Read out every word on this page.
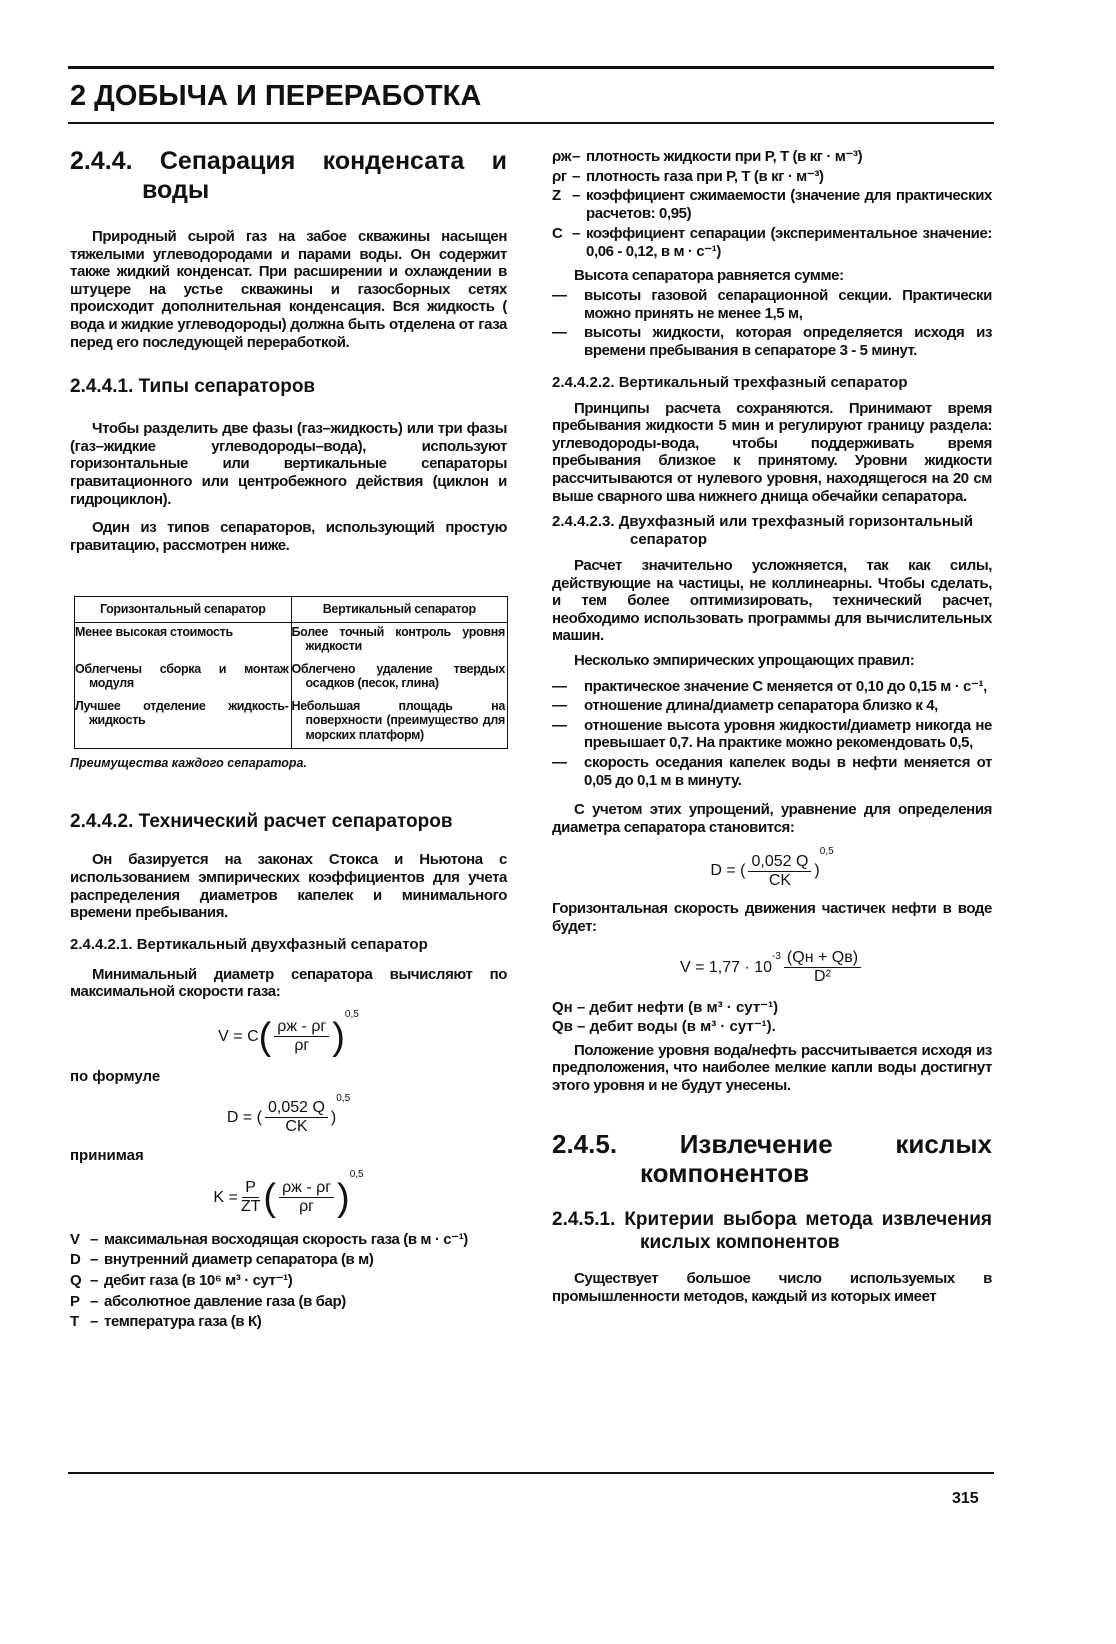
2 ДОБЫЧА И ПЕРЕРАБОТКА
2.4.4. Сепарация конденсата и воды
Природный сырой газ на забое скважины насыщен тяжелыми углеводородами и парами воды. Он содержит также жидкий конденсат. При расширении и охлаждении в штуцере на устье скважины и газосборных сетях происходит дополнительная конденсация. Вся жидкость ( вода и жидкие углеводороды) должна быть отделена от газа перед его последующей переработкой.
2.4.4.1. Типы сепараторов
Чтобы разделить две фазы (газ–жидкость) или три фазы (газ–жидкие углеводороды–вода), используют горизонтальные или вертикальные сепараторы гравитационного или центробежного действия (циклон и гидроциклон).
Один из типов сепараторов, использующий простую гравитацию, рассмотрен ниже.
Горизонтальный сепаратор	Вертикальный сепаратор
Менее высокая стоимость	Более точный контроль уровня жидкости
Облегчены сборка и монтаж модуля	Облегчено удаление твердых осадков (песок, глина)
Лучшее отделение жидкость-жидкость	Небольшая площадь на поверхности (преимущество для морских платформ)
Преимущества каждого сепаратора.
2.4.4.2. Технический расчет сепараторов
Он базируется на законах Стокса и Ньютона с использованием эмпирических коэффициентов для учета распределения диаметров капелек и минимального времени пребывания.
2.4.4.2.1. Вертикальный двухфазный сепаратор
Минимальный диаметр сепаратора вычисляют по максимальной скорости газа:
V = C ( $\frac{\rho ж - \rho г}{\rho г}$ )
$^{0,5}$
по формуле
D = ( $\frac{0,052 Q}{CK}$ )
0,5
принимая
$K = \frac{P}{ZT}$ ( $\frac{\rho ж - \rho г}{\rho г}$ )
$^{0,5}$
V – максимальная восходящая скорость газа (в м · с⁻¹)
D – внутренний диаметр сепаратора (в м)
Q – дебит газа (в 10⁶ м³ · сут⁻¹)
P – абсолютное давление газа (в бар)
T – температура газа (в К)
ρж – плотность жидкости при P, T (в кг · м⁻³)
ρг – плотность газа при P, T (в кг · м⁻³)
Z – коэффициент сжимаемости (значение для практических расчетов: 0,95)
C – коэффициент сепарации (экспериментальное значение: 0,06 - 0,12, в м · с⁻¹)
Высота сепаратора равняется сумме:
—	высоты газовой сепарационной секции. Практически можно принять не менее 1,5 м,
—	высоты жидкости, которая определяется исходя из времени пребывания в сепараторе 3 - 5 минут.
2.4.4.2.2. Вертикальный трехфазный сепаратор
Принципы расчета сохраняются. Принимают время пребывания жидкости 5 мин и регулируют границу раздела: углеводороды-вода, чтобы поддерживать время пребывания близкое к принятому. Уровни жидкости рассчитываются от нулевого уровня, находящегося на 20 см выше сварного шва нижнего днища обечайки сепаратора.
2.4.4.2.3. Двухфазный или трехфазный горизонтальный сепаратор
Расчет значительно усложняется, так как силы, действующие на частицы, не коллинеарны. Чтобы сделать, и тем более оптимизировать, технический расчет, необходимо использовать программы для вычислительных машин.
Несколько эмпирических упрощающих правил:
—	практическое значение C меняется от 0,10 до 0,15 м · с⁻¹,
—	отношение длина/диаметр сепаратора близко к 4,
—	отношение высота уровня жидкости/диаметр никогда не превышает 0,7. На практике можно рекомендовать 0,5,
—	скорость оседания капелек воды в нефти меняется от 0,05 до 0,1 м в минуту.
С учетом этих упрощений, уравнение для определения диаметра сепаратора становится:
D = ( $\frac{0,052 Q}{CK}$ )
0,5
Горизонтальная скорость движения частичек нефти в воде будет:
V = 1,77 · 10
$^{-3} \frac{(Qн + Qв)}{\text{D²}}$
Qн – дебит нефти (в м³ · сут⁻¹)
Qв – дебит воды (в м³ · сут⁻¹).
Положение уровня вода/нефть рассчитывается исходя из предположения, что наиболее мелкие капли воды достигнут этого уровня и не будут унесены.
2.4.5. Извлечение кислых компонентов
2.4.5.1. Критерии выбора метода извлечения кислых компонентов
Существует большое число используемых в промышленности методов, каждый из которых имеет
315
